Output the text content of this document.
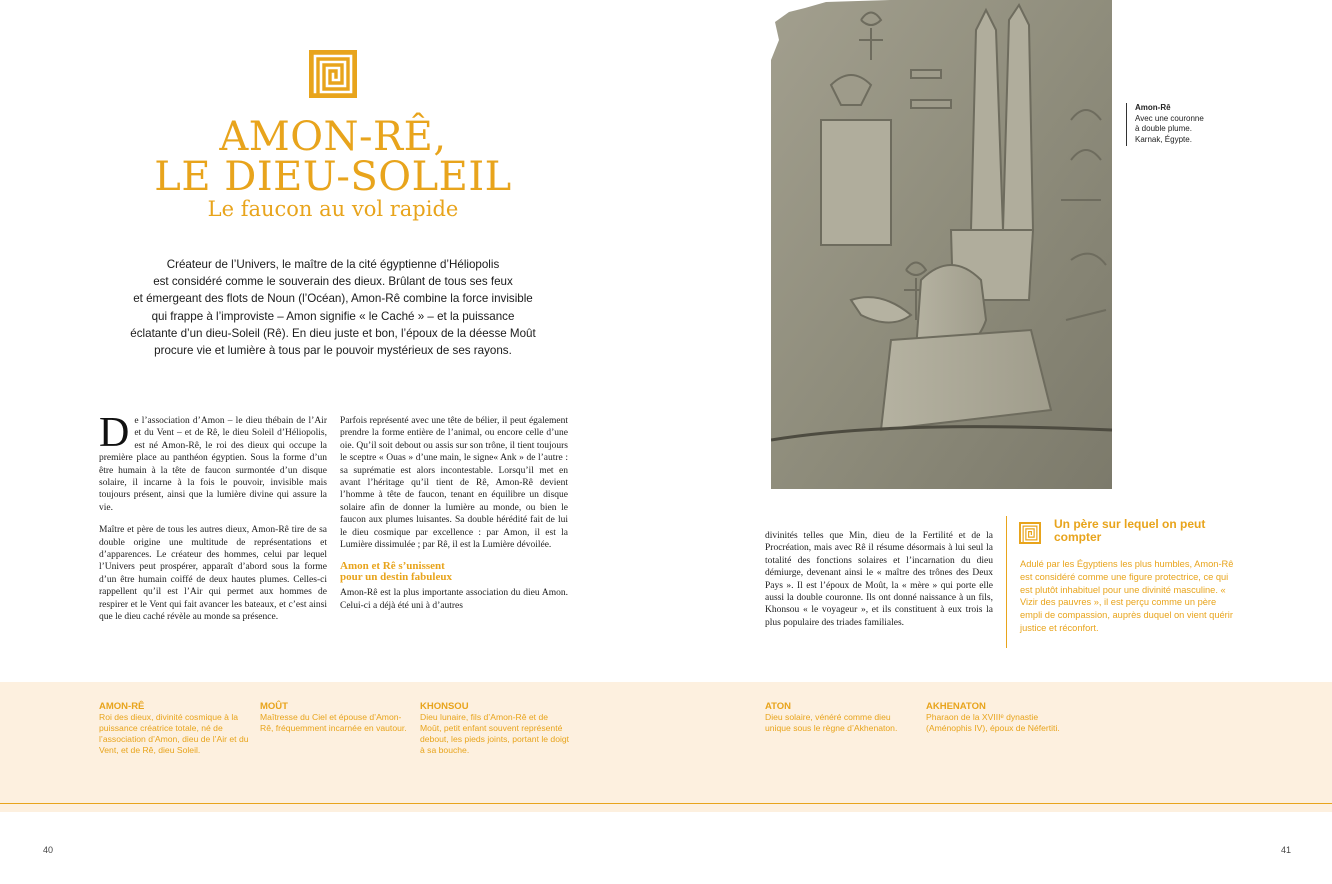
AMON-RÊ,
LE DIEU-SOLEIL
Le faucon au vol rapide
Créateur de l’Univers, le maître de la cité égyptienne d’Héliopolis
est considéré comme le souverain des dieux. Brûlant de tous ses feux
et émergeant des flots de Noun (l’Océan), Amon-Rê combine la force invisible
qui frappe à l’improviste – Amon signifie « le Caché » – et la puissance
éclatante d’un dieu-Soleil (Rê). En dieu juste et bon, l’époux de la déesse Moût
procure vie et lumière à tous par le pouvoir mystérieux de ses rayons.

De l’association d’Amon – le dieu thébain de l’Air et du Vent – et de Rê, le dieu Soleil d’Héliopolis, est né Amon-Rê, le roi des dieux qui occupe la première place au panthéon égyptien. Sous la forme d’un être humain à la tête de faucon surmontée d’un disque solaire, il incarne à la fois le pouvoir, invisible mais toujours présent, ainsi que la lumière divine qui assure la vie.

Maître et père de tous les autres dieux, Amon-Rê tire de sa double origine une multitude de représentations et d’apparences. Le créateur des hommes, celui par lequel l’Univers peut prospérer, apparaît d’abord sous la forme d’un être humain coiffé de deux hautes plumes. Celles-ci rappellent qu’il est l’Air qui permet aux hommes de respirer et le Vent qui fait avancer les bateaux, et c’est ainsi que le dieu caché révèle au monde sa présence.

Parfois représenté avec une tête de bélier, il peut également prendre la forme entière de l’animal, ou encore celle d’une oie. Qu’il soit debout ou assis sur son trône, il tient toujours le sceptre « Ouas » d’une main, le signe« Ank » de l’autre : sa suprématie est alors incontestable. Lorsqu’il met en avant l’héritage qu’il tient de Rê, Amon-Rê devient l’homme à tête de faucon, tenant en équilibre un disque solaire afin de donner la lumière au monde, ou bien le faucon aux plumes luisantes. Sa double hérédité fait de lui le dieu cosmique par excellence : par Amon, il est la Lumière dissimulée ; par Rê, il est la Lumière dévoilée.

Amon et Rê s’unissent
pour un destin fabuleux

Amon-Rê est la plus importante association du dieu Amon. Celui-ci a déjà été uni à d’autres

divinités telles que Min, dieu de la Fertilité et de la Procréation, mais avec Rê il résume désormais à lui seul la totalité des fonctions solaires et l’incarnation du dieu démiurge, devenant ainsi le « maître des trônes des Deux Pays ». Il est l’époux de Moût, la « mère » qui porte elle aussi la double couronne. Ils ont donné naissance à un fils, Khonsou « le voyageur », et ils constituent à eux trois la plus populaire des triades familiales.

Amon-Rê
Avec une couronne
à double plume.
Karnak, Égypte.
Un père sur lequel on peut compter
Adulé par les Égyptiens les plus humbles, Amon-Rê est considéré comme une figure protectrice, ce qui est plutôt inhabituel pour une divinité masculine. « Vizir des pauvres », il est perçu comme un père empli de compassion, auprès duquel on vient quérir justice et réconfort.
AMON-RÊ
Roi des dieux, divinité cosmique à la puissance créatrice totale, né de l’association d’Amon, dieu de l’Air et du Vent, et de Rê, dieu Soleil.
MOÛT
Maîtresse du Ciel et épouse d’Amon-Rê, fréquemment incarnée en vautour.
KHONSOU
Dieu lunaire, fils d’Amon-Rê et de Moût, petit enfant souvent représenté debout, les pieds joints, portant le doigt à sa bouche.
ATON
Dieu solaire, vénéré comme dieu unique sous le règne d’Akhenaton.
AKHENATON
Pharaon de la XVIIIᵉ dynastie (Aménophis IV), époux de Néfertiti.
40	41
